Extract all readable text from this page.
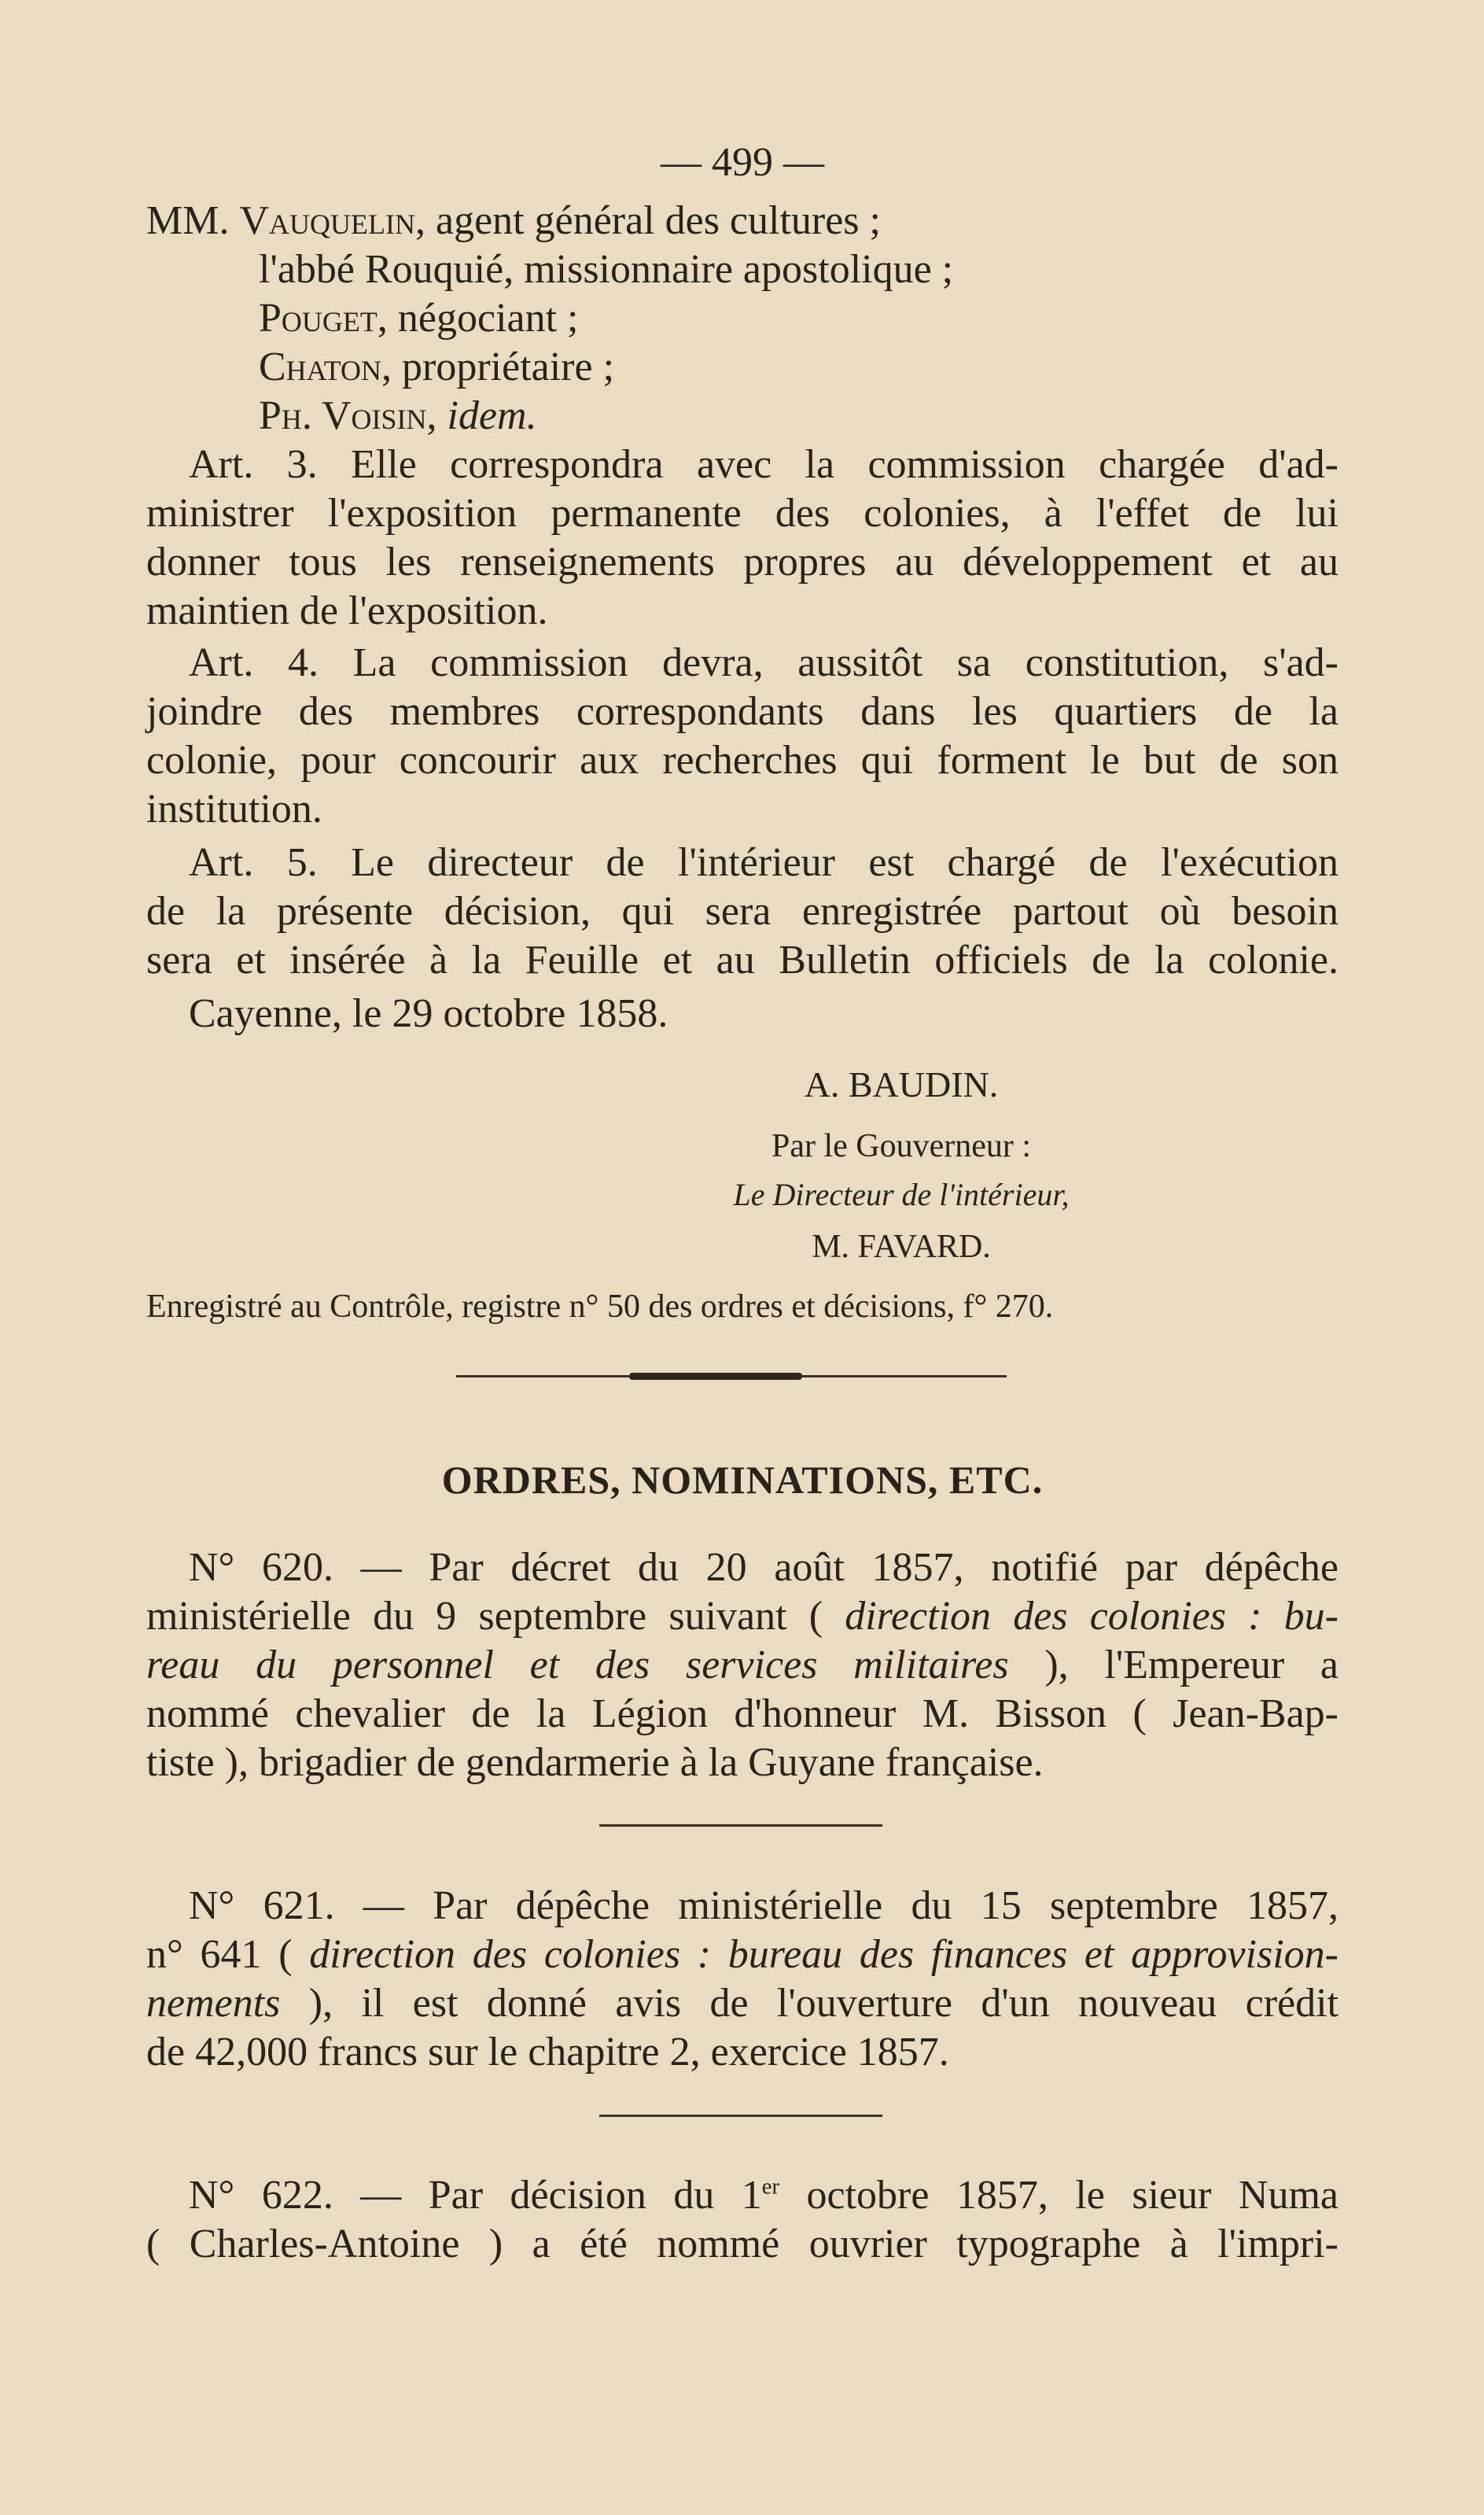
— 499 —
MM. Vauquelin, agent général des cultures ;
l'abbé Rouquié, missionnaire apostolique ;
Pouget, négociant ;
Chaton, propriétaire ;
Ph. Voisin, idem.
Art. 3. Elle correspondra avec la commission chargée d'ad-
ministrer l'exposition permanente des colonies, à l'effet de lui
donner tous les renseignements propres au développement et au
maintien de l'exposition.
Art. 4. La commission devra, aussitôt sa constitution, s'ad-
joindre des membres correspondants dans les quartiers de la
colonie, pour concourir aux recherches qui forment le but de son
institution.
Art. 5. Le directeur de l'intérieur est chargé de l'exécution
de la présente décision, qui sera enregistrée partout où besoin
sera et insérée à la Feuille et au Bulletin officiels de la colonie.
Cayenne, le 29 octobre 1858.
A. BAUDIN.
Par le Gouverneur :
Le Directeur de l'intérieur,
M. FAVARD.
Enregistré au Contrôle, registre n° 50 des ordres et décisions, f° 270.
ORDRES, NOMINATIONS, ETC.
N° 620. — Par décret du 20 août 1857, notifié par dépêche
ministérielle du 9 septembre suivant ( direction des colonies : bu-
reau du personnel et des services militaires ), l'Empereur a
nommé chevalier de la Légion d'honneur M. Bisson ( Jean-Bap-
tiste ), brigadier de gendarmerie à la Guyane française.
N° 621. — Par dépêche ministérielle du 15 septembre 1857,
n° 641 ( direction des colonies : bureau des finances et approvision-
nements ), il est donné avis de l'ouverture d'un nouveau crédit
de 42,000 francs sur le chapitre 2, exercice 1857.
N° 622. — Par décision du 1er octobre 1857, le sieur Numa
( Charles-Antoine ) a été nommé ouvrier typographe à l'impri-
